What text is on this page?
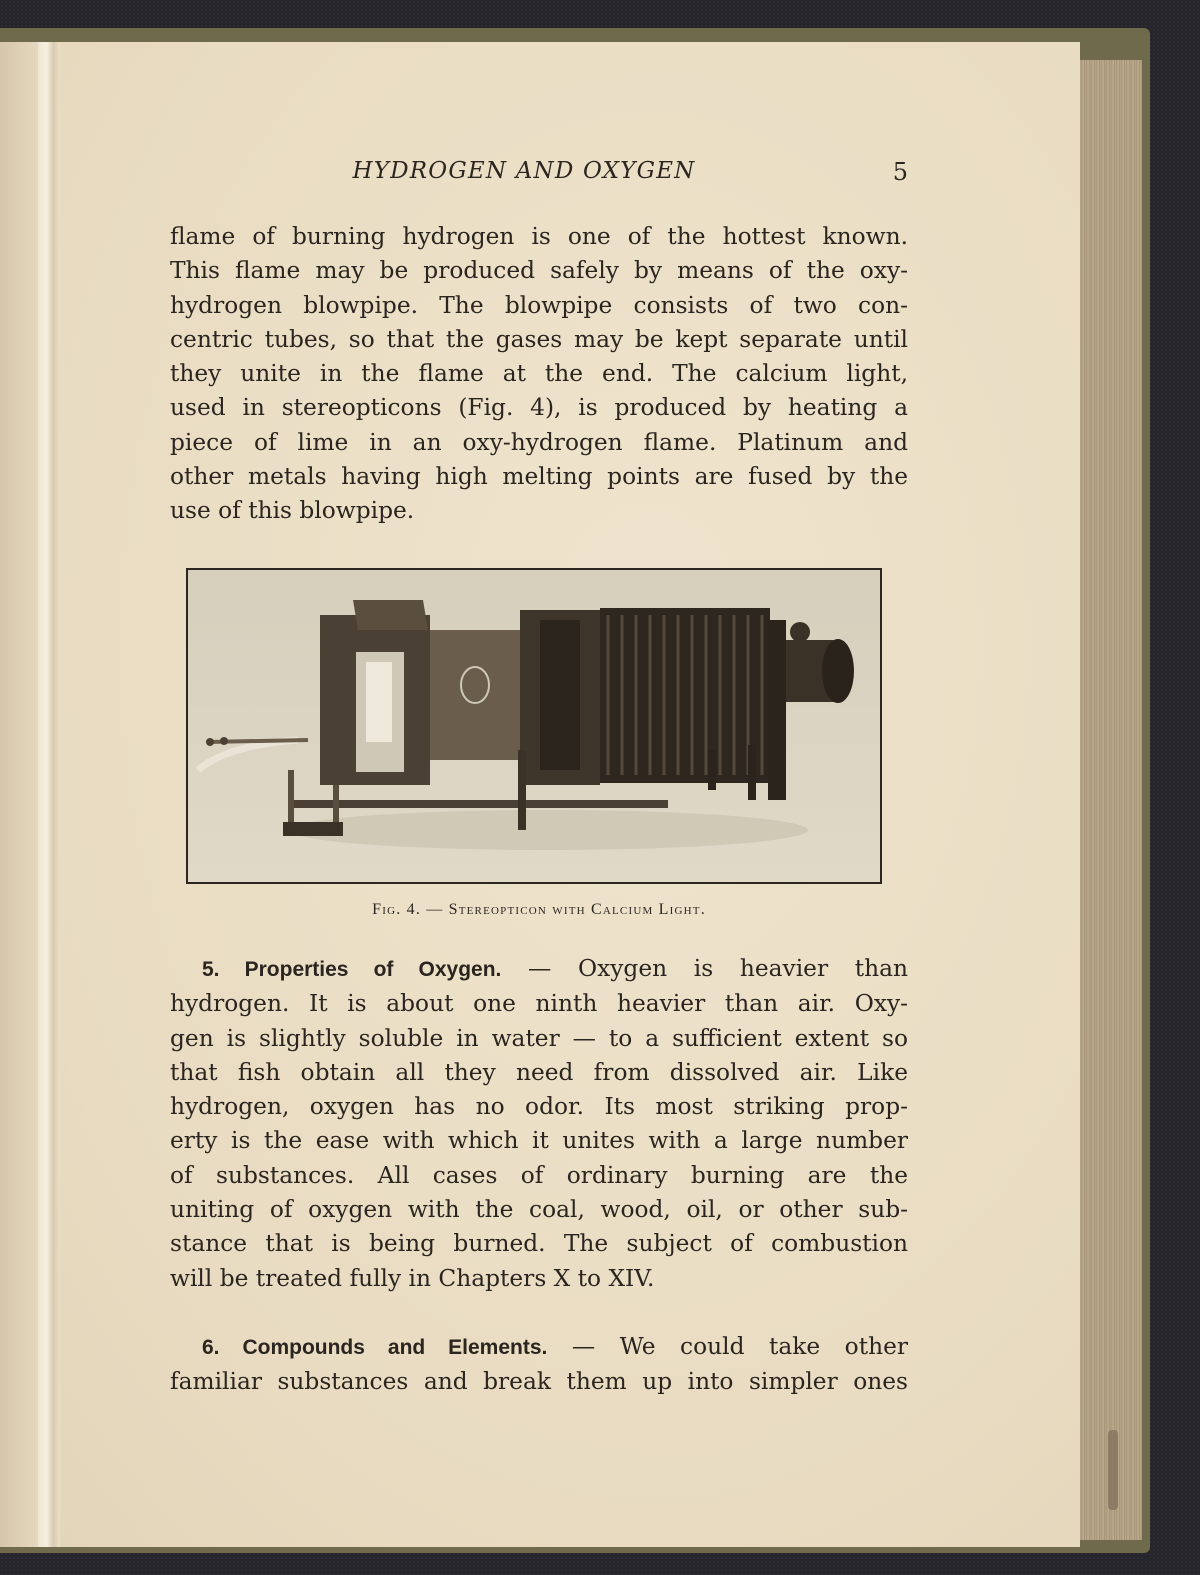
HYDROGEN AND OXYGEN	5
flame of burning hydrogen is one of the hottest known.
This flame may be produced safely by means of the oxy-
hydrogen blowpipe. The blowpipe consists of two con-
centric tubes, so that the gases may be kept separate until
they unite in the flame at the end. The calcium light,
used in stereopticons (Fig. 4), is produced by heating a
piece of lime in an oxy-hydrogen flame. Platinum and
other metals having high melting points are fused by the
use of this blowpipe.
Fig. 4. — Stereopticon with Calcium Light.
5. Properties of Oxygen. — Oxygen is heavier than
hydrogen. It is about one ninth heavier than air. Oxy-
gen is slightly soluble in water — to a sufficient extent so
that fish obtain all they need from dissolved air. Like
hydrogen, oxygen has no odor. Its most striking prop-
erty is the ease with which it unites with a large number
of substances. All cases of ordinary burning are the
uniting of oxygen with the coal, wood, oil, or other sub-
stance that is being burned. The subject of combustion
will be treated fully in Chapters X to XIV.
6. Compounds and Elements. — We could take other
familiar substances and break them up into simpler ones
